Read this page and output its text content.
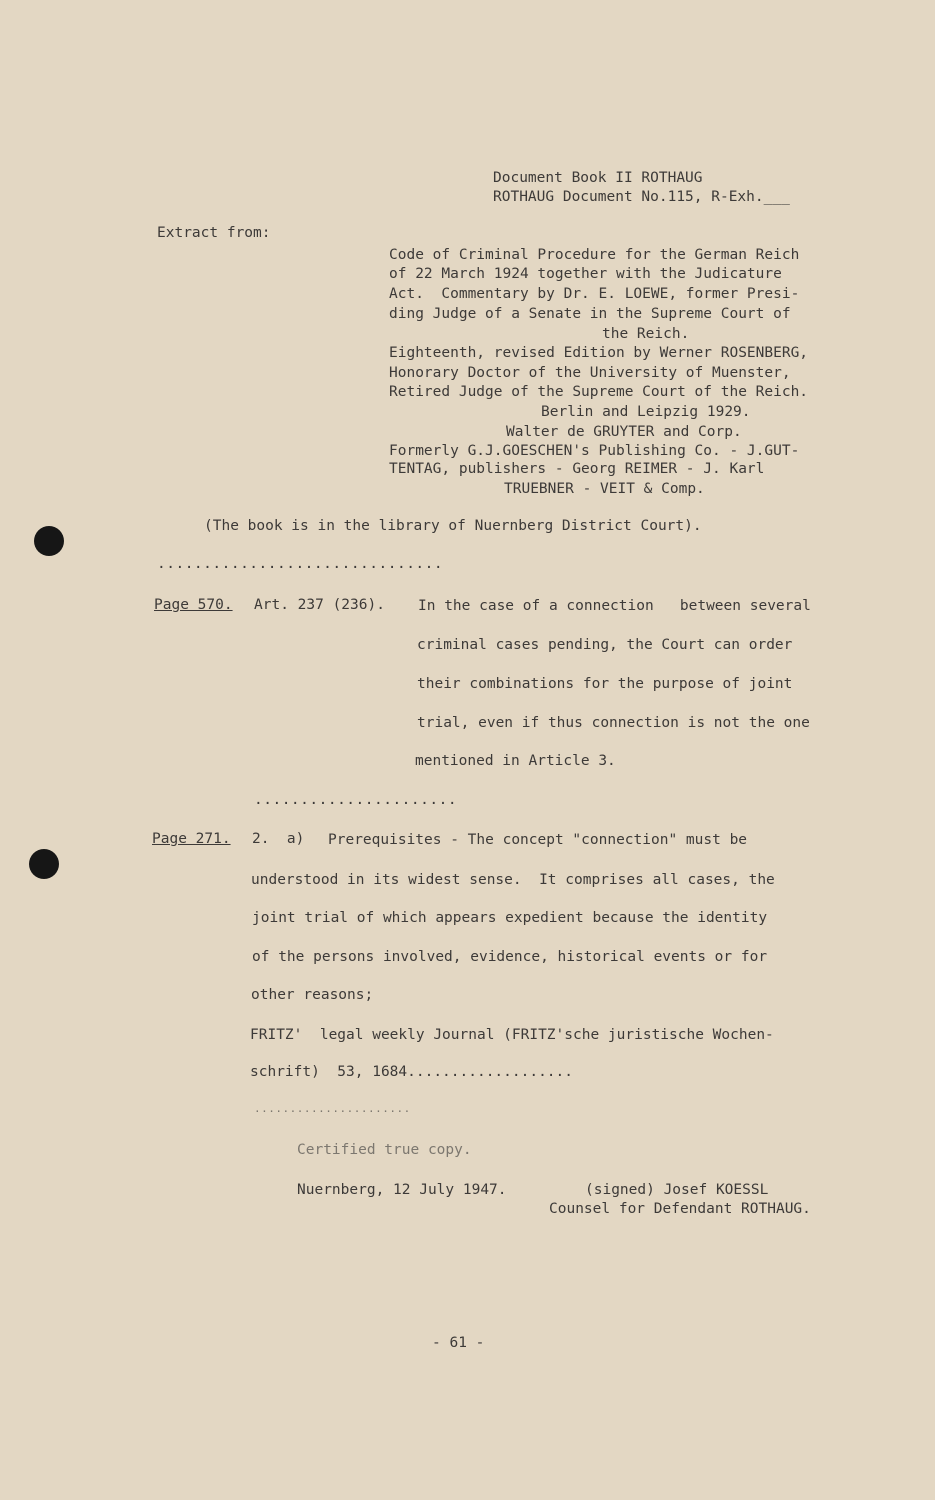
Document Book II ROTHAUG
ROTHAUG Document No.115, R-Exh.___
Extract from:
Code of Criminal Procedure for the German Reich
of 22 March 1924 together with the Judicature
Act.  Commentary by Dr. E. LOEWE, former Presi-
ding Judge of a Senate in the Supreme Court of
the Reich.
Eighteenth, revised Edition by Werner ROSENBERG,
Honorary Doctor of the University of Muenster,
Retired Judge of the Supreme Court of the Reich.
Berlin and Leipzig 1929.
Walter de GRUYTER and Corp.
Formerly G.J.GOESCHEN's Publishing Co. - J.GUT-
TENTAG, publishers - Georg REIMER - J. Karl
TRUEBNER - VEIT & Comp.
(The book is in the library of Nuernberg District Court).
...............................
Page 570. Art. 237 (236). In the case of a connection   between several
criminal cases pending, the Court can order
their combinations for the purpose of joint
trial, even if thus connection is not the one
mentioned in Article 3.
......................
Page 271. 2.  a) Prerequisites - The concept "connection" must be
understood in its widest sense.  It comprises all cases, the
joint trial of which appears expedient because the identity
of the persons involved, evidence, historical events or for
other reasons;
FRITZ'  legal weekly Journal (FRITZ'sche juristische Wochen-
schrift)  53, 1684...................
......................
Certified true copy.
Nuernberg, 12 July 1947.	(signed) Josef KOESSL
Counsel for Defendant ROTHAUG.
- 61 -
